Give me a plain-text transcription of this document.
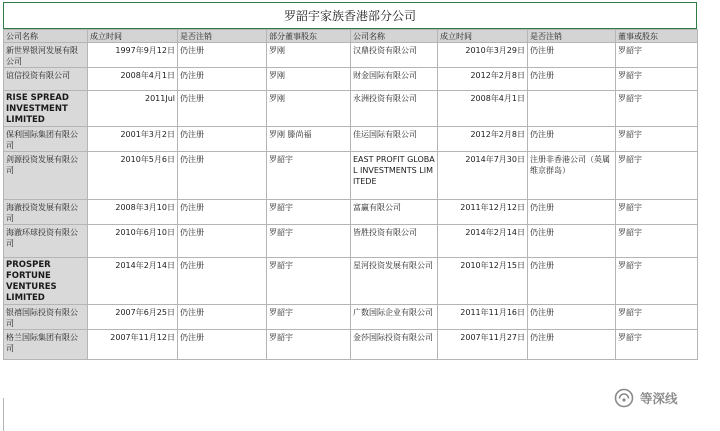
罗韶宇家族香港部分公司
公司名称	成立时间	是否注销	部分董事股东	公司名称	成立时间	是否注销	董事或股东
新世界银河发展有限公司	1997年9月12日	仍注册	罗刚	汉鼎投资有限公司	2010年3月29日	仍注册	罗韶宇
谊信投资有限公司	2008年4月1日	仍注册	罗刚	财金国际有限公司	2012年2月8日	仍注册	罗韶宇
RISE SPREAD INVESTMENT LIMITED	2011Jul	仍注册	罗刚	永洲投资有限公司	2008年4月1日		罗韶宇
保利国际集团有限公司	2001年3月2日	仍注册	罗刚 滕尚福	佳运国际有限公司	2012年2月8日	仍注册	罗韶宇
剑源投资发展有限公司	2010年5月6日	仍注册	罗韶宇	EAST PROFIT GLOBAL INVESTMENTS LIMITEDE	2014年7月30日	注册非香港公司（英属维京群岛）	罗韶宇
海澈投资发展有限公司	2008年3月10日	仍注册	罗韶宇	富赢有限公司	2011年12月12日	仍注册	罗韶宇
海澈环球投资有限公司	2010年6月10日	仍注册	罗韶宇	皆胜投资有限公司	2014年2月14日	仍注册	罗韶宇
PROSPER FORTUNE VENTURES LIMITED	2014年2月14日	仍注册	罗韶宇	星河投资发展有限公司	2010年12月15日	仍注册	罗韶宇
银禧国际投资有限公司	2007年6月25日	仍注册	罗韶宇	广数国际企业有限公司	2011年11月16日	仍注册	罗韶宇
格兰国际集团有限公司	2007年11月12日	仍注册	罗韶宇	金莎国际投资有限公司	2007年11月27日	仍注册	罗韶宇
等深线
